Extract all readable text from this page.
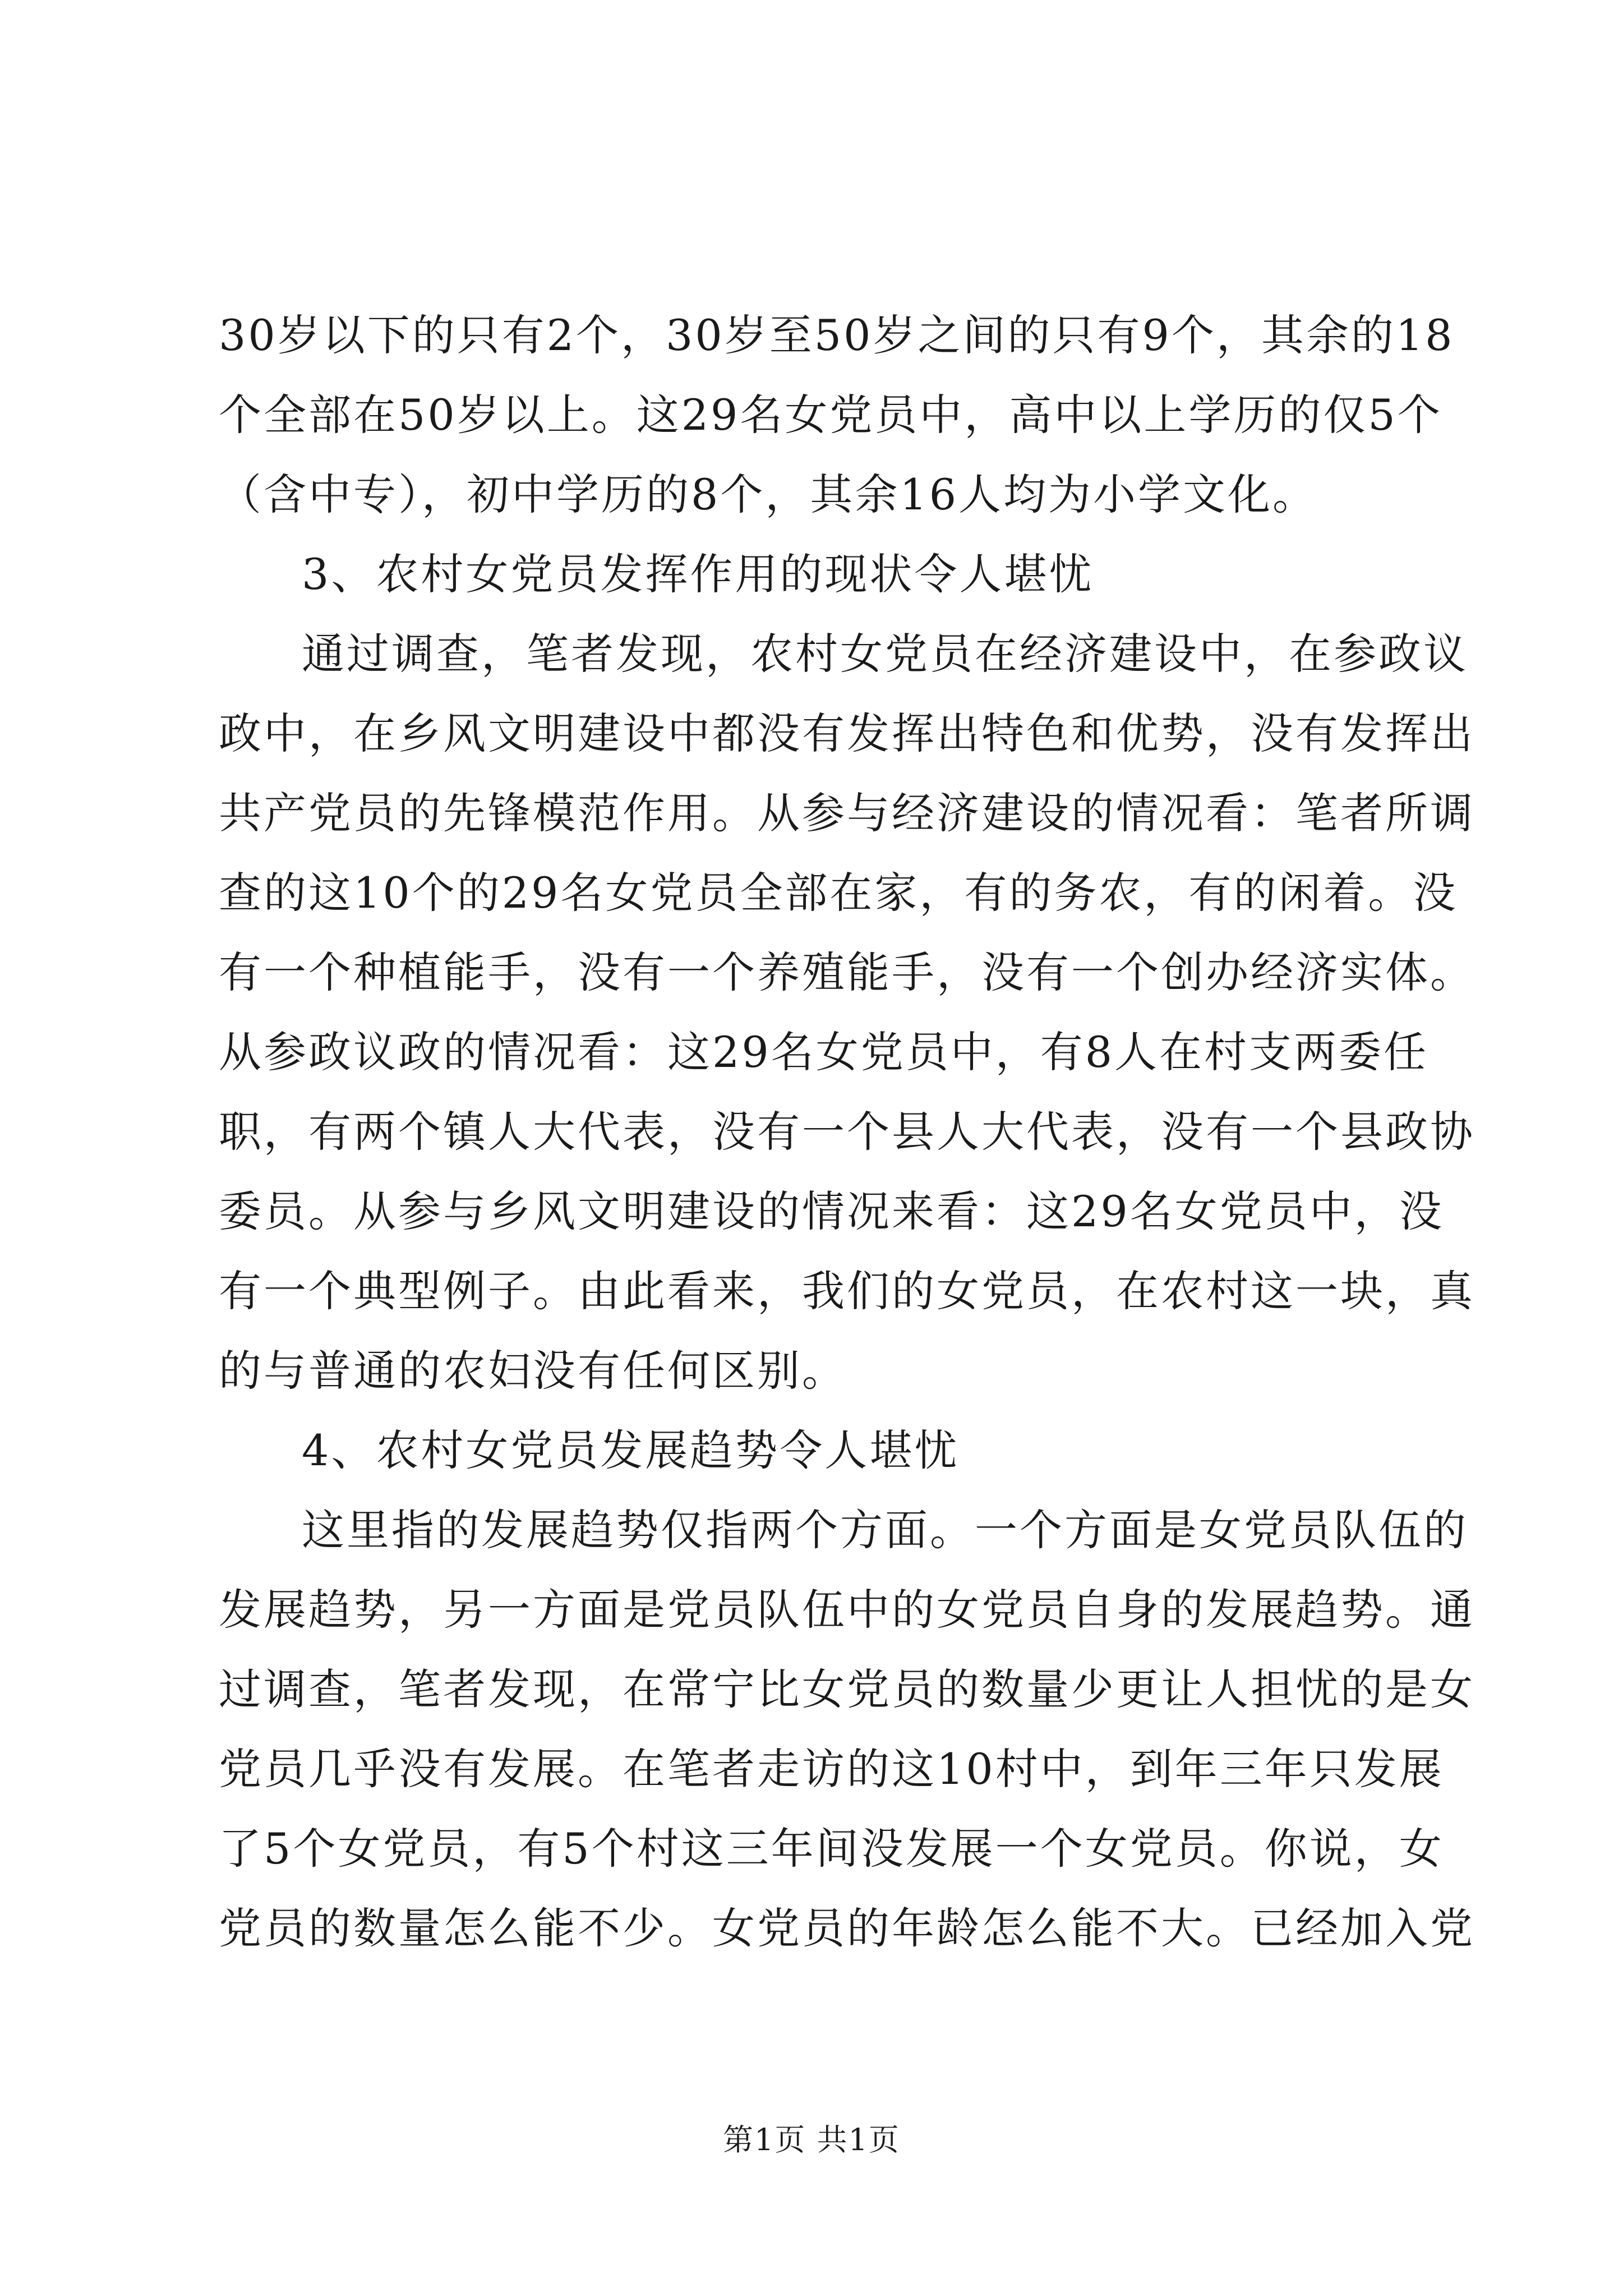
30岁以下的只有2个，30岁至50岁之间的只有9个，其余的18
个全部在50岁以上。这29名女党员中，高中以上学历的仅5个
（含中专），初中学历的8个，其余16人均为小学文化。
3、农村女党员发挥作用的现状令人堪忧
通过调查，笔者发现，农村女党员在经济建设中，在参政议
政中，在乡风文明建设中都没有发挥出特色和优势，没有发挥出
共产党员的先锋模范作用。从参与经济建设的情况看：笔者所调
查的这10个的29名女党员全部在家，有的务农，有的闲着。没
有一个种植能手，没有一个养殖能手，没有一个创办经济实体。
从参政议政的情况看：这29名女党员中，有8人在村支两委任
职，有两个镇人大代表，没有一个县人大代表，没有一个县政协
委员。从参与乡风文明建设的情况来看：这29名女党员中，没
有一个典型例子。由此看来，我们的女党员，在农村这一块，真
的与普通的农妇没有任何区别。
4、农村女党员发展趋势令人堪忧
这里指的发展趋势仅指两个方面。一个方面是女党员队伍的
发展趋势，另一方面是党员队伍中的女党员自身的发展趋势。通
过调查，笔者发现，在常宁比女党员的数量少更让人担忧的是女
党员几乎没有发展。在笔者走访的这10村中，到年三年只发展
了5个女党员，有5个村这三年间没发展一个女党员。你说，女
党员的数量怎么能不少。女党员的年龄怎么能不大。已经加入党
第1页 共1页
